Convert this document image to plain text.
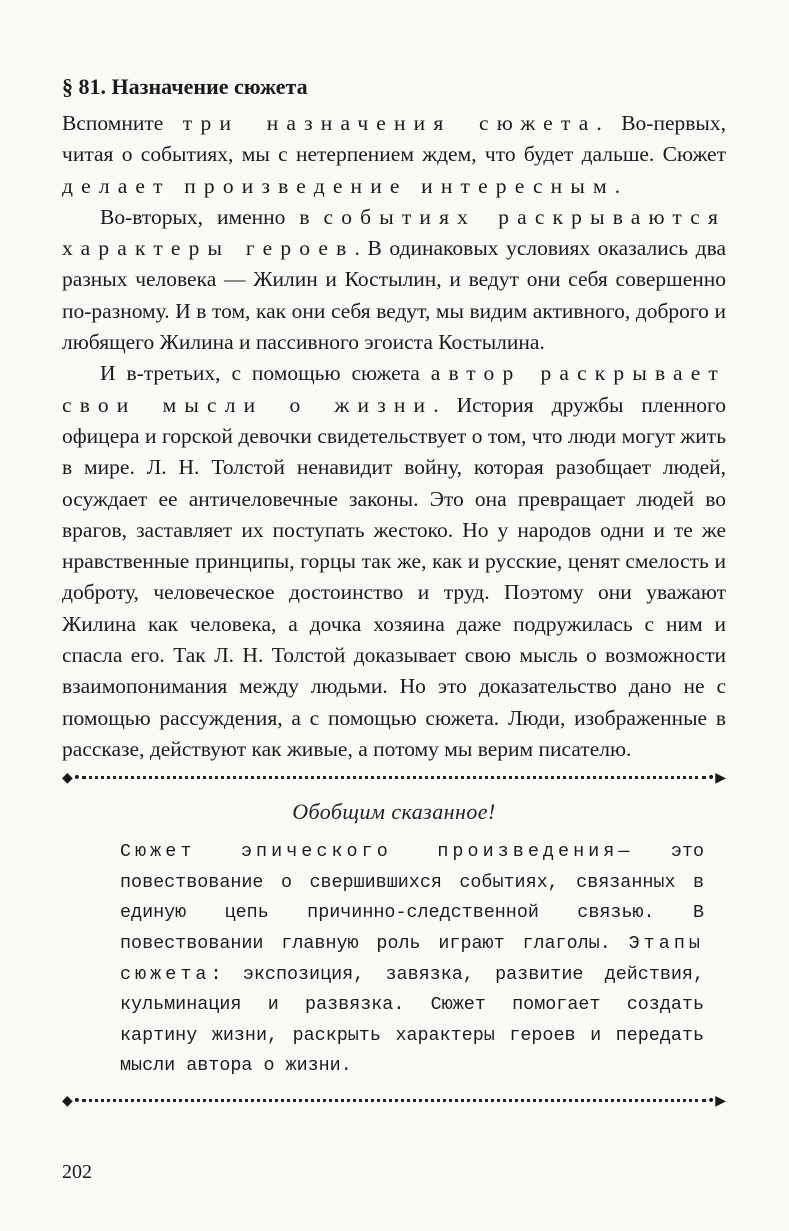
§ 81. Назначение сюжета

Вспомните три назначения сюжета. Во-первых, читая о событиях, мы с нетерпением ждем, что будет дальше. Сюжет делает произведение интересным.

Во-вторых, именно в событиях раскрываются характеры героев. В одинаковых условиях оказались два разных человека — Жилин и Костылин, и ведут они себя совершенно по-разному. И в том, как они себя ведут, мы видим активного, доброго и любящего Жилина и пассивного эгоиста Костылина.

И в-третьих, с помощью сюжета автор раскрывает свои мысли о жизни. История дружбы пленного офицера и горской девочки свидетельствует о том, что люди могут жить в мире. Л. Н. Толстой ненавидит войну, которая разобщает людей, осуждает ее античеловечные законы. Это она превращает людей во врагов, заставляет их поступать жестоко. Но у народов одни и те же нравственные принципы, горцы так же, как и русские, ценят смелость и доброту, человеческое достоинство и труд. Поэтому они уважают Жилина как человека, а дочка хозяина даже подружилась с ним и спасла его. Так Л. Н. Толстой доказывает свою мысль о возможности взаимопонимания между людьми. Но это доказательство дано не с помощью рассуждения, а с помощью сюжета. Люди, изображенные в рассказе, действуют как живые, а потому мы верим писателю.

◆•	•▶
Обобщим сказанное!

Сюжет эпического произведения— это повествование о свершившихся событиях, связанных в единую цепь причинно-следственной связью. В повествовании главную роль играют глаголы. Этапы сюжета: экспозиция, завязка, развитие действия, кульминация и развязка. Сюжет помогает создать картину жизни, раскрыть характеры героев и передать мысли автора о жизни.

◆•	•▶
202
